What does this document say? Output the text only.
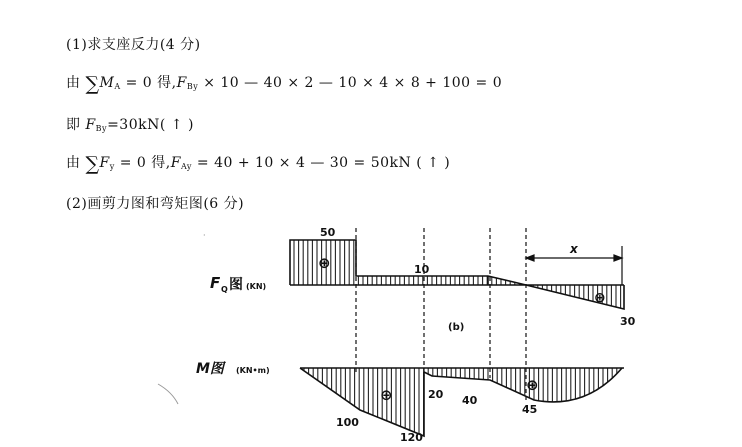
(1)求支座反力(4 分)
由 $\sum M_A = 0$ 得$,F_{By} \times 10$ — 40 × 2 — 10 × 4 × 8 + 100 = 0
即 $F_{By}=30kN$( ↑ )
由 $\sum F_y = 0$ 得$,F_{Ay} = 40 + 10 \times 4$ — 30 = 50kN ( ↑ )
(2)画剪力图和弯矩图(6 分)
x
50
10
30
⊕
⊕
(b)
F Q 图 (KN)
⊕
⊕
100
120
20 40
45
M图	(KN•m)
·
